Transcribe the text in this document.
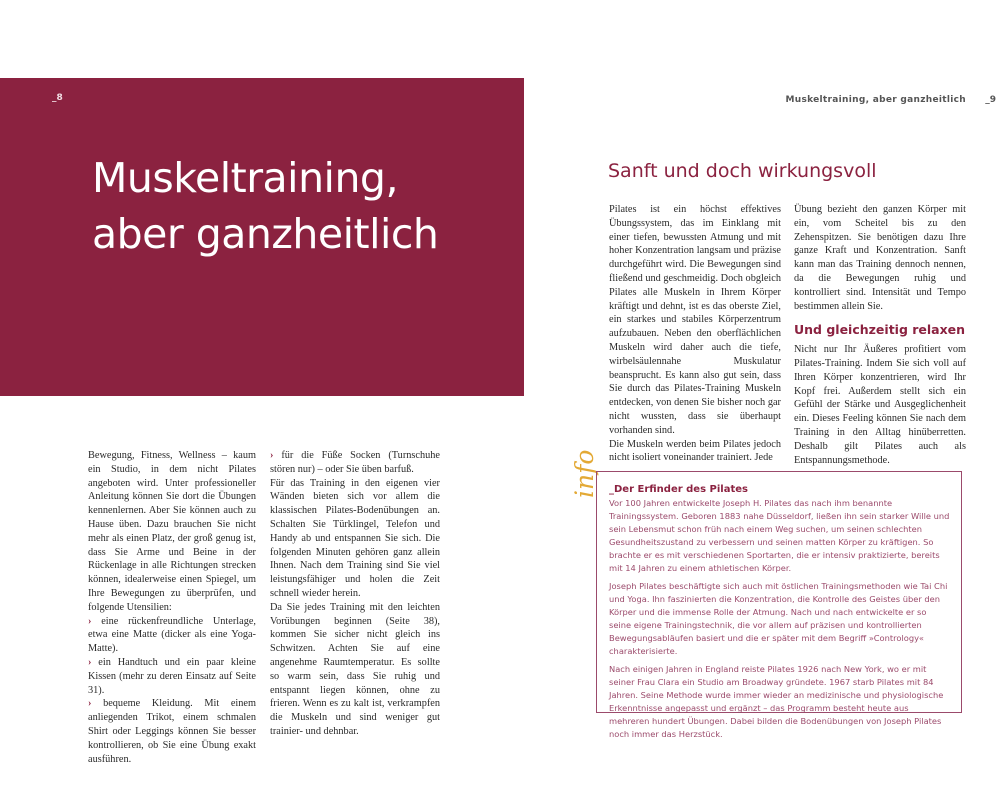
_8
Muskeltraining,
aber ganzheitlich

Bewegung, Fitness, Wellness – kaum ein Studio, in dem nicht Pilates angeboten wird. Unter professioneller Anleitung können Sie dort die Übungen kennenlernen. Aber Sie können auch zu Hause üben. Dazu brauchen Sie nicht mehr als einen Platz, der groß genug ist, dass Sie Arme und Beine in der Rückenlage in alle Richtungen strecken können, idealerweise einen Spiegel, um Ihre Bewegungen zu überprüfen, und folgende Utensilien:

› eine rückenfreundliche Unterlage, etwa eine Matte (dicker als eine Yoga-Matte).

› ein Handtuch und ein paar kleine Kissen (mehr zu deren Einsatz auf Seite 31).

› bequeme Kleidung. Mit einem anliegenden Trikot, einem schmalen Shirt oder Leggings können Sie besser kontrollieren, ob Sie eine Übung exakt ausführen.

› für die Füße Socken (Turnschuhe stören nur) – oder Sie üben barfuß.

Für das Training in den eigenen vier Wänden bieten sich vor allem die klassischen Pilates-Bodenübungen an. Schalten Sie Türklingel, Telefon und Handy ab und entspannen Sie sich. Die folgenden Minuten gehören ganz allein Ihnen. Nach dem Training sind Sie viel leistungsfähiger und holen die Zeit schnell wieder herein.

Da Sie jedes Training mit den leichten Vorübungen beginnen (Seite 38), kommen Sie sicher nicht gleich ins Schwitzen. Achten Sie auf eine angenehme Raumtemperatur. Es sollte so warm sein, dass Sie ruhig und entspannt liegen können, ohne zu frieren. Wenn es zu kalt ist, verkrampfen die Muskeln und sind weniger gut trainier- und dehnbar.

Muskeltraining, aber ganzheitlich _9
Sanft und doch wirkungsvoll

Pilates ist ein höchst effektives Übungssystem, das im Einklang mit einer tiefen, bewussten Atmung und mit hoher Konzentration langsam und präzise durchgeführt wird. Die Bewegungen sind fließend und geschmeidig. Doch obgleich Pilates alle Muskeln in Ihrem Körper kräftigt und dehnt, ist es das oberste Ziel, ein starkes und stabiles Körperzentrum aufzubauen. Neben den oberflächlichen Muskeln wird daher auch die tiefe, wirbelsäulennahe Muskulatur beansprucht. Es kann also gut sein, dass Sie durch das Pilates-Training Muskeln entdecken, von denen Sie bisher noch gar nicht wussten, dass sie überhaupt vorhanden sind.

Die Muskeln werden beim Pilates jedoch nicht isoliert voneinander trainiert. Jede

Übung bezieht den ganzen Körper mit ein, vom Scheitel bis zu den Zehenspitzen. Sie benötigen dazu Ihre ganze Kraft und Konzentration. Sanft kann man das Training dennoch nennen, da die Bewegungen ruhig und kontrolliert sind. Intensität und Tempo bestimmen allein Sie.

Und gleichzeitig relaxen

Nicht nur Ihr Äußeres profitiert vom Pilates-Training. Indem Sie sich voll auf Ihren Körper konzentrieren, wird Ihr Kopf frei. Außerdem stellt sich ein Gefühl der Stärke und Ausgeglichenheit ein. Dieses Feeling können Sie nach dem Training in den Alltag hinüberretten. Deshalb gilt Pilates auch als Entspannungsmethode.

info _Der Erfinder des Pilates

Vor 100 Jahren entwickelte Joseph H. Pilates das nach ihm benannte Trainingssystem. Geboren 1883 nahe Düsseldorf, ließen ihn sein starker Wille und sein Lebensmut schon früh nach einem Weg suchen, um seinen schlechten Gesundheitszustand zu verbessern und seinen matten Körper zu kräftigen. So brachte er es mit verschiedenen Sportarten, die er intensiv praktizierte, bereits mit 14 Jahren zu einem athletischen Körper.

Joseph Pilates beschäftigte sich auch mit östlichen Trainingsmethoden wie Tai Chi und Yoga. Ihn faszinierten die Konzentration, die Kontrolle des Geistes über den Körper und die immense Rolle der Atmung. Nach und nach entwickelte er so seine eigene Trainingstechnik, die vor allem auf präzisen und kontrollierten Bewegungsabläufen basiert und die er später mit dem Begriff »Contrology« charakterisierte.

Nach einigen Jahren in England reiste Pilates 1926 nach New York, wo er mit seiner Frau Clara ein Studio am Broadway gründete. 1967 starb Pilates mit 84 Jahren. Seine Methode wurde immer wieder an medizinische und physiologische Erkenntnisse angepasst und ergänzt – das Programm besteht heute aus mehreren hundert Übungen. Dabei bilden die Bodenübungen von Joseph Pilates noch immer das Herzstück.
